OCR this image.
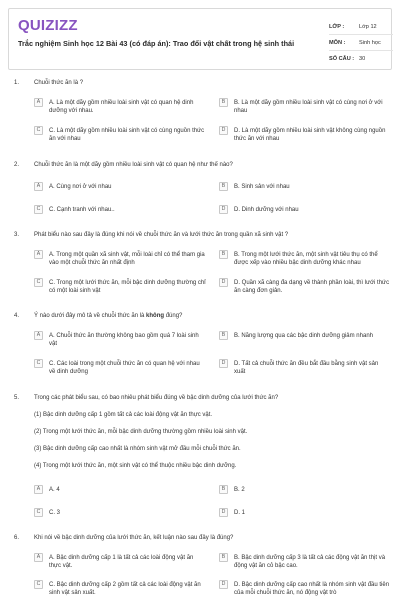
QUIZIZZ
Trắc nghiệm Sinh học 12 Bài 43 (có đáp án): Trao đổi vật chất trong hệ sinh thái
LỚP :	Lớp 12
MÔN :	Sinh học
SỐ CÂU : 30
1. Chuỗi thức ăn là ?
A	A. Là một dãy gồm nhiều loài sinh vật có quan hệ dinh dưỡng với nhau.
B	B. Là một dãy gồm nhiều loài sinh vật có cùng nơi ở với nhau
C	C. Là một dãy gồm nhiều loài sinh vật có cùng nguồn thức ăn với nhau
D	D. Là một dãy gồm nhiều loài sinh vật không cùng nguồn thức ăn với nhau
2. Chuỗi thức ăn là một dãy gồm nhiều loài sinh vật có quan hệ như thế nào?
A	A. Cùng nơi ở với nhau	B	B. Sinh sản với nhau
C	C. Cạnh tranh với nhau..	D	D. Dinh dưỡng với nhau
3. Phát biểu nào sau đây là đúng khi nói về chuỗi thức ăn và lưới thức ăn trong quần xã sinh vật ?
A	A. Trong một quần xã sinh vật, mỗi loài chỉ có thể tham gia vào một chuỗi thức ăn nhất định
B	B. Trong một lưới thức ăn, một sinh vật tiêu thụ có thể được xếp vào nhiều bậc dinh dưỡng khác nhau
C	C. Trong một lưới thức ăn, mỗi bậc dinh dưỡng thường chỉ có một loài sinh vật
D	D. Quần xã càng đa dạng về thành phần loài, thì lưới thức ăn càng đơn giản.
4. Ý nào dưới đây mô tả về chuỗi thức ăn là không đúng?
A	A. Chuỗi thức ăn thường không bao gồm quá 7 loài sinh vật
B	B. Năng lượng qua các bậc dinh dưỡng giảm nhanh
C	C. Các loài trong một chuỗi thức ăn có quan hệ với nhau về dinh dưỡng
D	D. Tất cả chuỗi thức ăn đều bắt đầu bằng sinh vật sản xuất
5. Trong các phát biểu sau, có bao nhiêu phát biểu đúng về bậc dinh dưỡng của lưới thức ăn?
(1) Bậc dinh dưỡng cấp 1 gồm tất cả các loài động vật ăn thực vật.
(2) Trong một lưới thức ăn, mỗi bậc dinh dưỡng thường gồm nhiều loài sinh vật.
(3) Bậc dinh dưỡng cấp cao nhất là nhóm sinh vật mở đầu mỗi chuỗi thức ăn.
(4) Trong một lưới thức ăn, một sinh vật có thể thuộc nhiều bậc dinh dưỡng.
A	A. 4	B	B. 2
C	C. 3	D	D. 1
6. Khi nói về bậc dinh dưỡng của lưới thức ăn, kết luận nào sau đây là đúng?
A	A. Bậc dinh dưỡng cấp 1 là tất cả các loài động vật ăn thực vật.
B	B. Bậc dinh dưỡng cấp 3 là tất cả các động vật ăn thịt và động vật ăn cỏ bậc cao.
C	C. Bậc dinh dưỡng cấp 2 gồm tất cả các loài động vật ăn sinh vật sản xuất.
D	D. Bậc dinh dưỡng cấp cao nhất là nhóm sinh vật đầu tiên của mỗi chuỗi thức ăn, nó động vật trò
